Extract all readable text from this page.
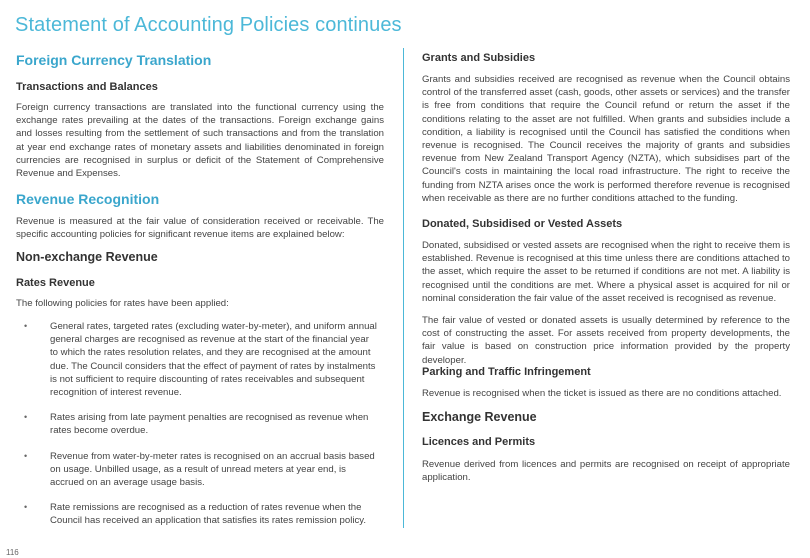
Statement of Accounting Policies continues
Foreign Currency Translation
Transactions and Balances

Foreign currency transactions are translated into the functional currency using the exchange rates prevailing at the dates of the transactions. Foreign exchange gains and losses resulting from the settlement of such transactions and from the translation at year end exchange rates of monetary assets and liabilities denominated in foreign currencies are recognised in surplus or deficit of the Statement of Comprehensive Revenue and Expenses.

Revenue Recognition

Revenue is measured at the fair value of consideration received or receivable. The specific accounting policies for significant revenue items are explained below:

Non-exchange Revenue
Rates Revenue

The following policies for rates have been applied:

• General rates, targeted rates (excluding water-by-meter), and uniform annual general charges are recognised as revenue at the start of the financial year to which the rates resolution relates, and they are recognised at the amount due. The Council considers that the effect of payment of rates by instalments is not sufficient to require discounting of rates receivables and subsequent recognition of interest revenue.
• Rates arising from late payment penalties are recognised as revenue when rates become overdue.
• Revenue from water-by-meter rates is recognised on an accrual basis based on usage. Unbilled usage, as a result of unread meters at year end, is accrued on an average usage basis.
• Rate remissions are recognised as a reduction of rates revenue when the Council has received an application that satisfies its rates remission policy.
Grants and Subsidies

Grants and subsidies received are recognised as revenue when the Council obtains control of the transferred asset (cash, goods, other assets or services) and the transfer is free from conditions that require the Council refund or return the asset if the conditions relating to the asset are not fulfilled. When grants and subsidies include a condition, a liability is recognised until the Council has satisfied the conditions when revenue is recognised. The Council receives the majority of grants and subsidies revenue from New Zealand Transport Agency (NZTA), which subsidises part of the Council's costs in maintaining the local road infrastructure. The right to receive the funding from NZTA arises once the work is performed therefore revenue is recognised when receivable as there are no further conditions attached to the funding.

Donated, Subsidised or Vested Assets

Donated, subsidised or vested assets are recognised when the right to receive them is established. Revenue is recognised at this time unless there are conditions attached to the asset, which require the asset to be returned if conditions are not met. A liability is recognised until the conditions are met. Where a physical asset is acquired for nil or nominal consideration the fair value of the asset received is recognised as revenue.

The fair value of vested or donated assets is usually determined by reference to the cost of constructing the asset. For assets received from property developments, the fair value is based on construction price information provided by the property developer.

Parking and Traffic Infringement

Revenue is recognised when the ticket is issued as there are no conditions attached.

Exchange Revenue
Licences and Permits

Revenue derived from licences and permits are recognised on receipt of appropriate application.

116
